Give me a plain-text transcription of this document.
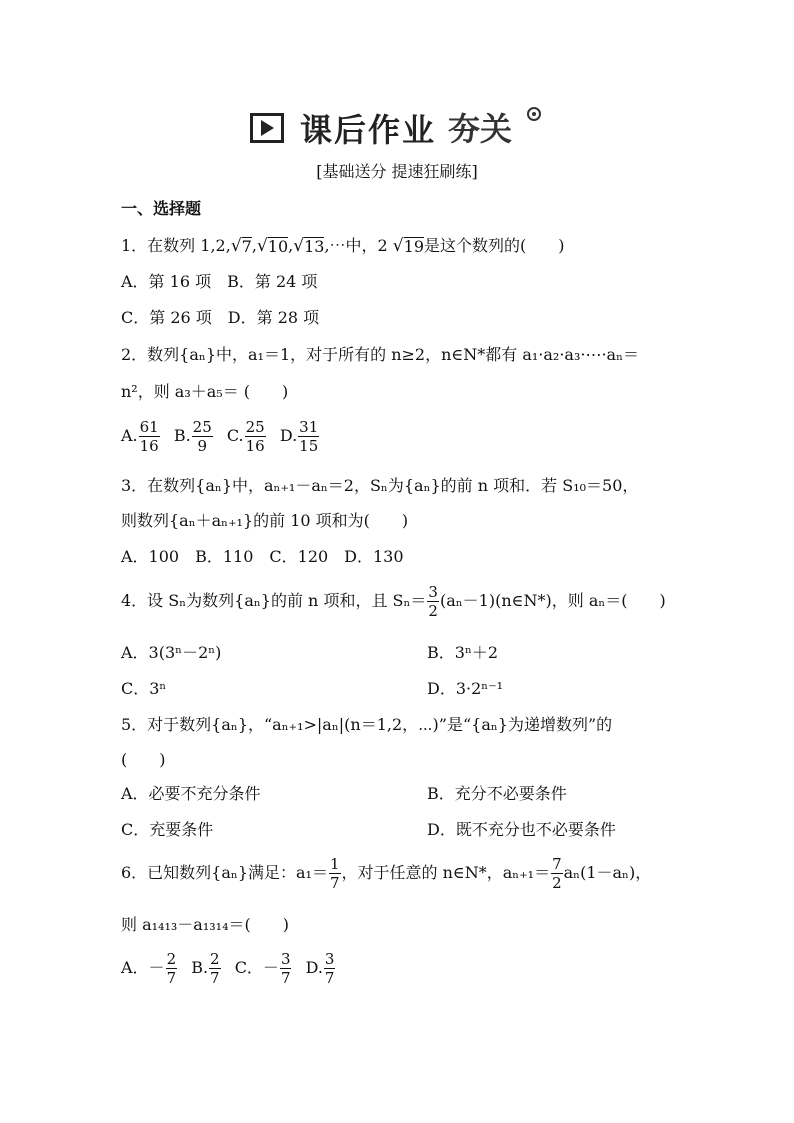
课后作业 夯关
[基础送分 提速狂刷练]
一、选择题
1．在数列 1,2, √ 7 , √ 10 , √ 13 ,⋯中，2 √ 19 是这个数列的(　　)
A．第 16 项　 B．第 24 项
C．第 26 项　 D．第 28 项
2．数列{aₙ}中，a₁＝1，对于所有的 n≥2，n∈N*都有 a₁·a₂·a₃·⋯·aₙ＝
n²，则 a₃＋a₅＝ (　　)
A. $\frac{61}{16}$
  B. $\frac{25}{9}$
  C. $\frac{25}{16}$
  D. $\frac{31}{15}$
3．在数列{aₙ}中，aₙ₊₁－aₙ＝2，Sₙ为{aₙ}的前 n 项和．若 S₁₀＝50，
则数列{aₙ＋aₙ₊₁}的前 10 项和为(　　)
A．100　B．110　C．120　D．130
4．设 Sₙ为数列{aₙ}的前 n 项和，且 $S_n= \frac{3}{2}$ (aₙ－1)(n∈N*)，则 aₙ＝(　　)
A．3(3ⁿ－2ⁿ)	B．3ⁿ＋2
C．3ⁿ	D．3·2ⁿ⁻¹
5．对于数列{aₙ}，“aₙ₊₁>|aₙ|(n＝1,2，⋯)”是“{aₙ}为递增数列”的
(　　)
A．必要不充分条件	B．充分不必要条件
C．充要条件	D．既不充分也不必要条件
6．已知数列{aₙ}满足：$a_1= \frac{1}{7}$ ，对于任意的 n∈N*，$a_{n+1}= \frac{7}{2} a_n(1-a_n)$，
则 a₁₄₁₃－a₁₃₁₄＝(　　)
A．－ $\frac{2}{7}$
  B. $\frac{2}{7}$
  C．－ $\frac{3}{7}$
  D. $\frac{3}{7}$
